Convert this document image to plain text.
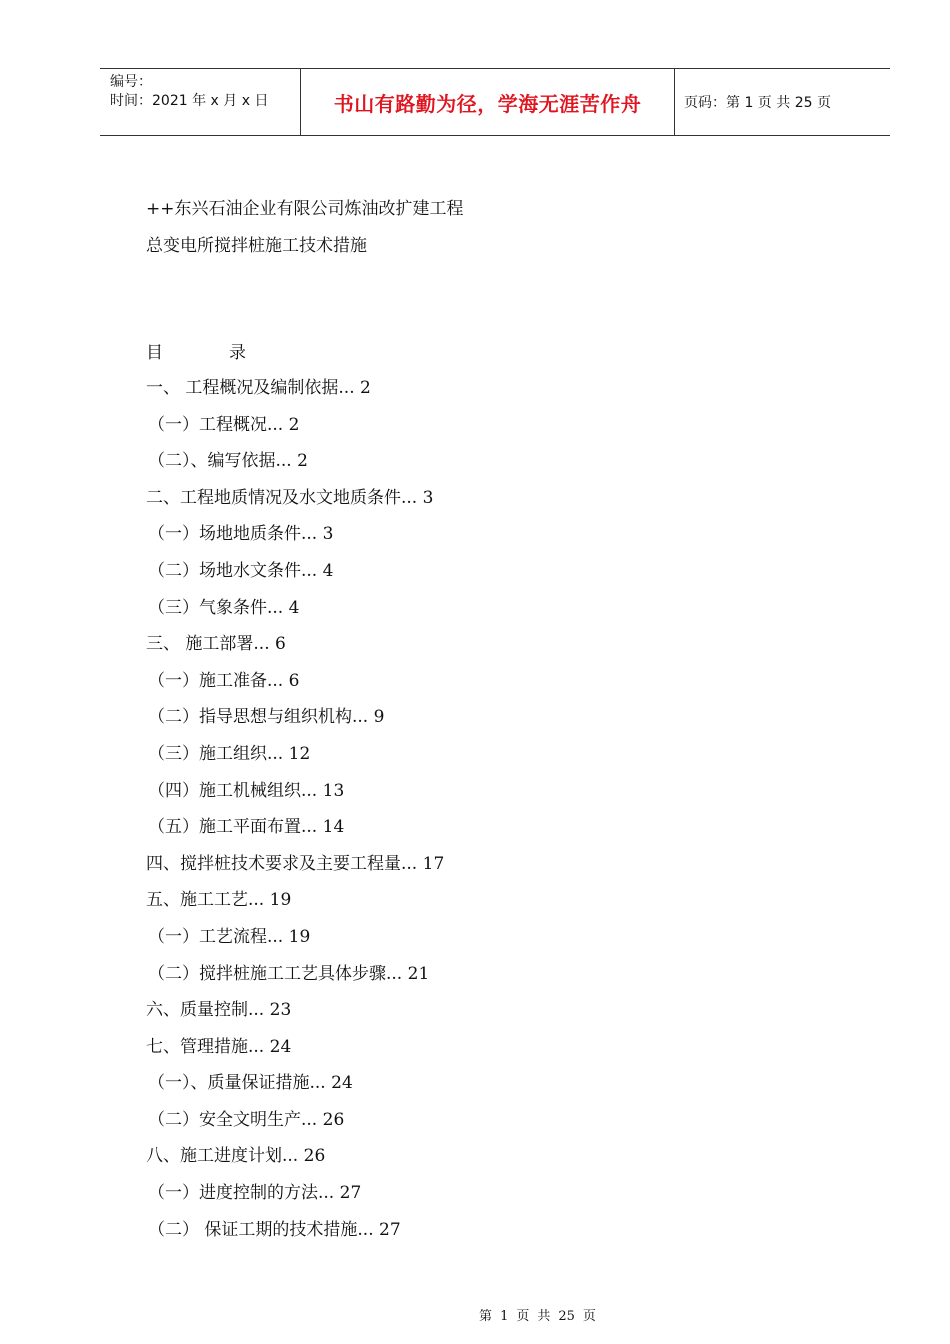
编号：
时间：2021 年 x 月 x 日	书山有路勤为径，学海无涯苦作舟	页码：第 1 页 共 25 页
++东兴石油企业有限公司炼油改扩建工程
总变电所搅拌桩施工技术措施
目	录
一、 工程概况及编制依据... 2
（一）工程概况... 2
（二）、编写依据... 2
二、工程地质情况及水文地质条件... 3
（一）场地地质条件... 3
（二）场地水文条件... 4
（三）气象条件... 4
三、 施工部署... 6
（一）施工准备... 6
（二）指导思想与组织机构... 9
（三）施工组织... 12
（四）施工机械组织... 13
（五）施工平面布置... 14
四、搅拌桩技术要求及主要工程量... 17
五、施工工艺... 19
（一）工艺流程... 19
（二）搅拌桩施工工艺具体步骤... 21
六、质量控制... 23
七、管理措施... 24
（一）、质量保证措施... 24
（二）安全文明生产... 26
八、施工进度计划... 26
（一）进度控制的方法... 27
（二） 保证工期的技术措施... 27
第 1 页 共 25 页
